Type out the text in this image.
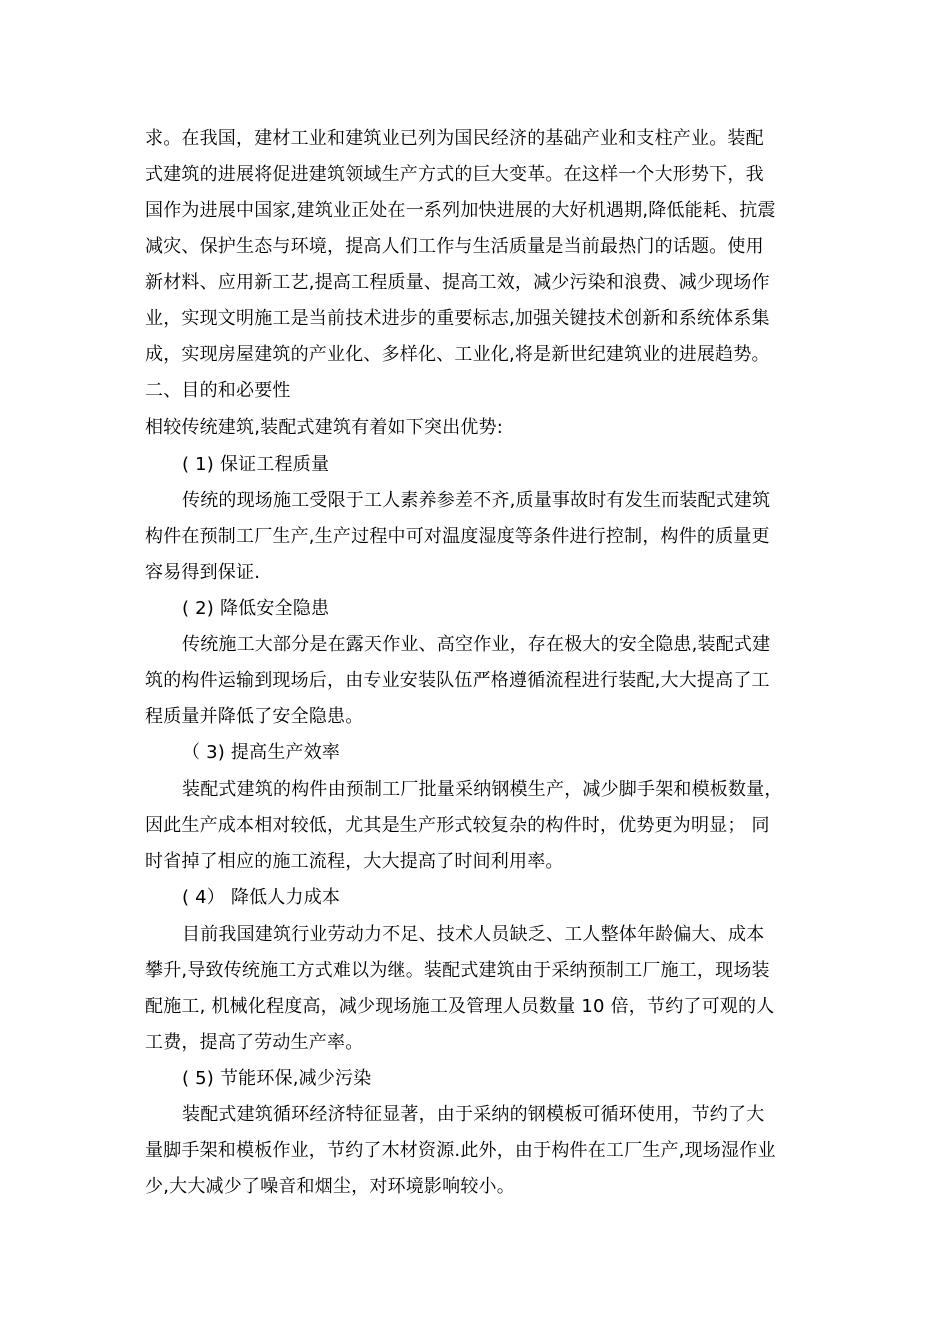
求。在我国，建材工业和建筑业已列为国民经济的基础产业和支柱产业。装配
式建筑的进展将促进建筑领域生产方式的巨大变革。在这样一个大形势下，我
国作为进展中国家,建筑业正处在一系列加快进展的大好机遇期,降低能耗、抗震
减灾、保护生态与环境，提高人们工作与生活质量是当前最热门的话题。使用
新材料、应用新工艺,提高工程质量、提高工效，减少污染和浪费、减少现场作
业，实现文明施工是当前技术进步的重要标志,加强关键技术创新和系统体系集
成，实现房屋建筑的产业化、多样化、工业化,将是新世纪建筑业的进展趋势。
二、目的和必要性
相较传统建筑,装配式建筑有着如下突出优势:
( 1) 保证工程质量
传统的现场施工受限于工人素养参差不齐,质量事故时有发生而装配式建筑
构件在预制工厂生产,生产过程中可对温度湿度等条件进行控制，构件的质量更
容易得到保证.
( 2) 降低安全隐患
传统施工大部分是在露天作业、高空作业，存在极大的安全隐患,装配式建
筑的构件运输到现场后，由专业安装队伍严格遵循流程进行装配,大大提高了工
程质量并降低了安全隐患。
（ 3) 提高生产效率
装配式建筑的构件由预制工厂批量采纳钢模生产，减少脚手架和模板数量，
因此生产成本相对较低，尤其是生产形式较复杂的构件时，优势更为明显； 同
时省掉了相应的施工流程，大大提高了时间利用率。
( 4） 降低人力成本
目前我国建筑行业劳动力不足、技术人员缺乏、工人整体年龄偏大、成本
攀升,导致传统施工方式难以为继。装配式建筑由于采纳预制工厂施工，现场装
配施工, 机械化程度高，减少现场施工及管理人员数量 10 倍，节约了可观的人
工费，提高了劳动生产率。
( 5) 节能环保,减少污染
装配式建筑循环经济特征显著，由于采纳的钢模板可循环使用，节约了大
量脚手架和模板作业，节约了木材资源.此外，由于构件在工厂生产,现场湿作业
少,大大减少了噪音和烟尘，对环境影响较小。
